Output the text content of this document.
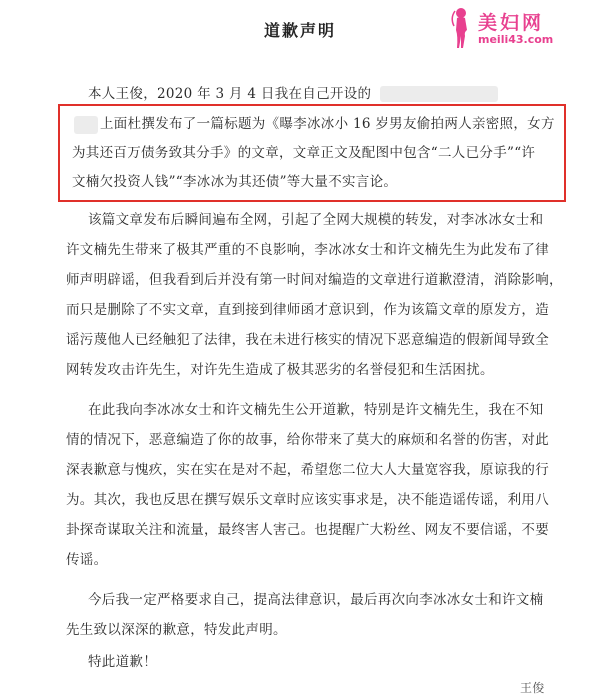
道歉声明	美妇网
meili43.com
本人王俊，2020 年 3 月 4 日我在自己开设的
上面杜撰发布了一篇标题为《曝李冰冰小 16 岁男友偷拍两人亲密照，女方
为其还百万债务致其分手》的文章，文章正文及配图中包含“二人已分手”“许
文楠欠投资人钱”“李冰冰为其还债”等大量不实言论。
该篇文章发布后瞬间遍布全网，引起了全网大规模的转发，对李冰冰女士和
许文楠先生带来了极其严重的不良影响，李冰冰女士和许文楠先生为此发布了律
师声明辟谣，但我看到后并没有第一时间对编造的文章进行道歉澄清，消除影响，
而只是删除了不实文章，直到接到律师函才意识到，作为该篇文章的原发方，造
谣污蔑他人已经触犯了法律，我在未进行核实的情况下恶意编造的假新闻导致全
网转发攻击许先生，对许先生造成了极其恶劣的名誉侵犯和生活困扰。
在此我向李冰冰女士和许文楠先生公开道歉，特别是许文楠先生，我在不知
情的情况下，恶意编造了你的故事，给你带来了莫大的麻烦和名誉的伤害，对此
深表歉意与愧疚，实在实在是对不起，希望您二位大人大量宽容我，原谅我的行
为。其次，我也反思在撰写娱乐文章时应该实事求是，决不能造谣传谣，利用八
卦探奇谋取关注和流量，最终害人害己。也提醒广大粉丝、网友不要信谣，不要
传谣。
今后我一定严格要求自己，提高法律意识，最后再次向李冰冰女士和许文楠
先生致以深深的歉意，特发此声明。
特此道歉！
王俊
